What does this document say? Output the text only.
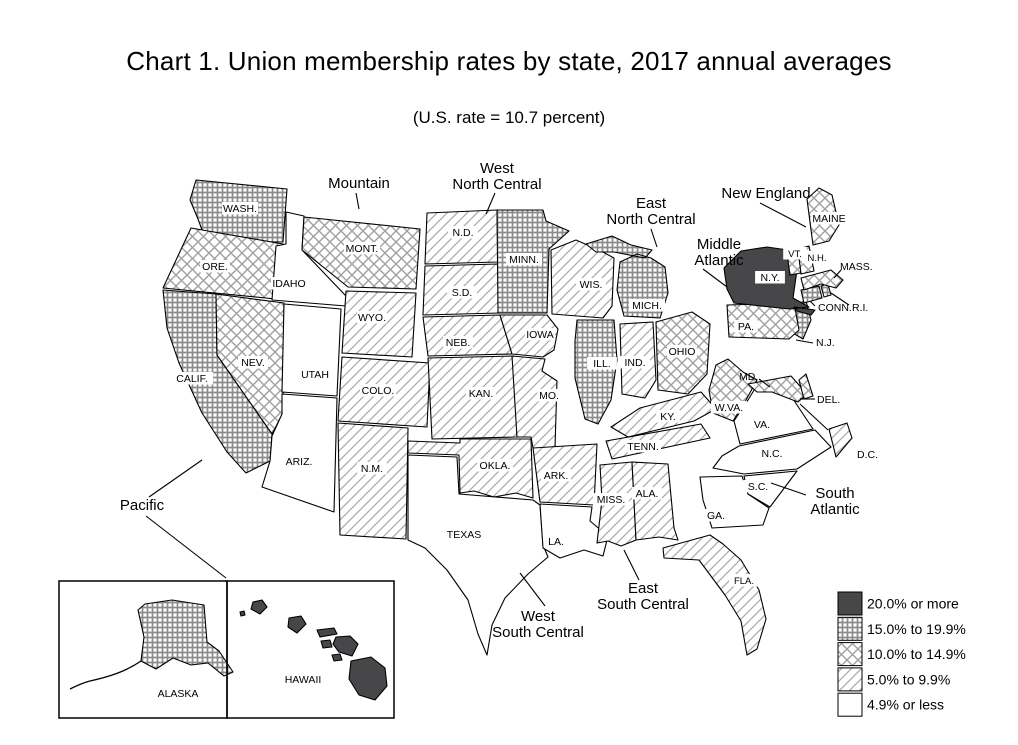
Chart 1. Union membership rates by state, 2017 annual averages
(U.S. rate = 10.7 percent)
WASH.
ORE.
CALIF.
NEV.
IDAHO
MONT.
WYO.
UTAH
COLO.
ARIZ.
N.M.
N.D.
S.D.
NEB.
KAN.
MINN.
IOWA
MO.
OKLA.
TEXAS
ARK.
LA.
WIS.
ILL. IND.
MICH.
OHIO
KY.
TENN.
MISS. ALA.
GA.
FLA.
S.C.
N.C.
VA.
W.VA.
MD.
DEL.
D.C.
N.J.
PA.
N.Y.
CONN. R.I.
MASS.
VT. N.H.
MAINE
ALASKA
HAWAII
Pacific
Mountain
West North Central
East North Central
New England
Middle Atlantic
West South Central
East South Central
South Atlantic
20.0% or more
15.0% to 19.9%
10.0% to 14.9%
5.0% to 9.9%
4.9% or less
